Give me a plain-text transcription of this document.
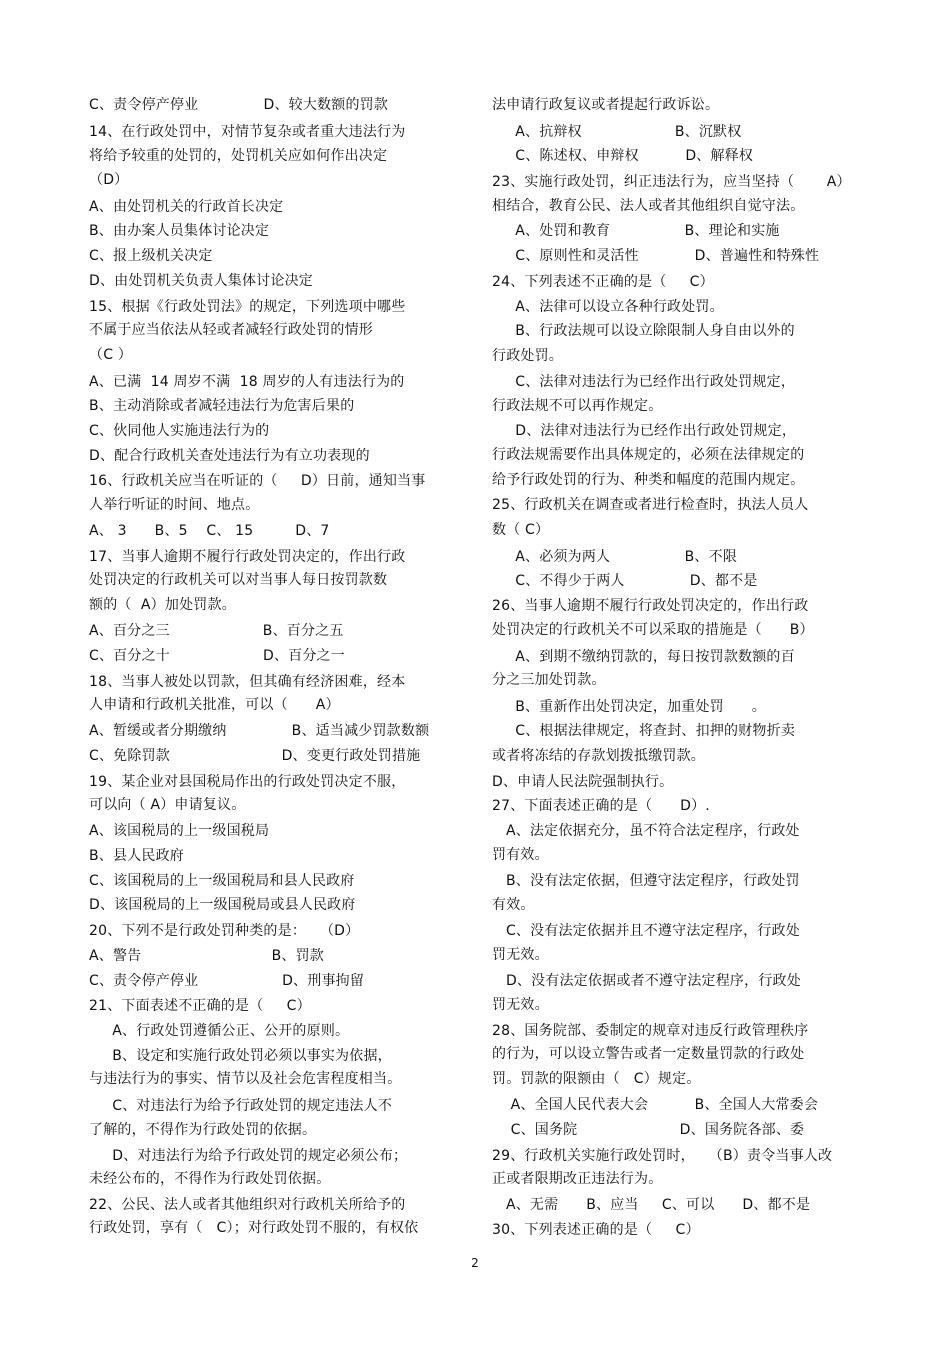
C、责令停产停业              D、较大数额的罚款
14、在行政处罚中，对情节复杂或者重大违法行为
将给予较重的处罚的，处罚机关应如何作出决定
（D）
A、由处罚机关的行政首长决定
B、由办案人员集体讨论决定
C、报上级机关决定
D、由处罚机关负责人集体讨论决定
15、根据《行政处罚法》的规定，下列选项中哪些
不属于应当依法从轻或者减轻行政处罚的情形
（C ）
A、已满  14 周岁不满  18 周岁的人有违法行为的
B、主动消除或者减轻违法行为危害后果的
C、伙同他人实施违法行为的
D、配合行政机关查处违法行为有立功表现的
16、行政机关应当在听证的（     D）日前，通知当事
人举行听证的时间、地点。
A、 3      B、5    C、 15         D、7
17、当事人逾期不履行行政处罚决定的，作出行政
处罚决定的行政机关可以对当事人每日按罚款数
额的（  A）加处罚款。
A、百分之三                    B、百分之五
C、百分之十                    D、百分之一
18、当事人被处以罚款，但其确有经济困难，经本
人申请和行政机关批准，可以（      A）
A、暂缓或者分期缴纳              B、适当减少罚款数额
C、免除罚款                        D、变更行政处罚措施
19、某企业对县国税局作出的行政处罚决定不服，
可以向（ A）申请复议。
A、该国税局的上一级国税局
B、县人民政府
C、该国税局的上一级国税局和县人民政府
D、该国税局的上一级国税局或县人民政府
20、下列不是行政处罚种类的是：   （D）
A、警告                            B、罚款
C、责令停产停业                  D、刑事拘留
21、下面表述不正确的是（     C）
A、行政处罚遵循公正、公开的原则。
B、设定和实施行政处罚必须以事实为依据，
与违法行为的事实、情节以及社会危害程度相当。
C、对违法行为给予行政处罚的规定违法人不
了解的，不得作为行政处罚的依据。
D、对违法行为给予行政处罚的规定必须公布；
未经公布的，不得作为行政处罚依据。
22、公民、法人或者其他组织对行政机关所给予的
行政处罚，享有（   C）；对行政处罚不服的，有权依
法申请行政复议或者提起行政诉讼。
A、抗辩权                    B、沉默权
C、陈述权、申辩权          D、解释权
23、实施行政处罚，纠正违法行为，应当坚持（       A）
相结合，教育公民、法人或者其他组织自觉守法。
A、处罚和教育                B、理论和实施
C、原则性和灵活性            D、普遍性和特殊性
24、下列表述不正确的是（     C）
A、法律可以设立各种行政处罚。
B、行政法规可以设立除限制人身自由以外的
行政处罚。
C、法律对违法行为已经作出行政处罚规定，
行政法规不可以再作规定。
D、法律对违法行为已经作出行政处罚规定，
行政法规需要作出具体规定的，必须在法律规定的
给予行政处罚的行为、种类和幅度的范围内规定。
25、行政机关在调查或者进行检查时，执法人员人
数（ C）
A、必须为两人                B、不限
C、不得少于两人              D、都不是
26、当事人逾期不履行行政处罚决定的，作出行政
处罚决定的行政机关不可以采取的措施是（      B）
A、到期不缴纳罚款的，每日按罚款数额的百
分之三加处罚款。
B、重新作出处罚决定，加重处罚      。
C、根据法律规定，将查封、扣押的财物折卖
或者将冻结的存款划拨抵缴罚款。
D、申请人民法院强制执行。
27、下面表述正确的是（      D）.
A、法定依据充分，虽不符合法定程序，行政处
罚有效。
B、没有法定依据，但遵守法定程序，行政处罚
有效。
C、没有法定依据并且不遵守法定程序，行政处
罚无效。
D、没有法定依据或者不遵守法定程序，行政处
罚无效。
28、国务院部、委制定的规章对违反行政管理秩序
的行为，可以设立警告或者一定数量罚款的行政处
罚。罚款的限额由（   C）规定。
A、全国人民代表大会          B、全国人大常委会
C、国务院                      D、国务院各部、委
29、行政机关实施行政处罚时，   （B）责令当事人改
正或者限期改正违法行为。
A、无需      B、应当     C、可以      D、都不是
30、下列表述正确的是（     C）
2
